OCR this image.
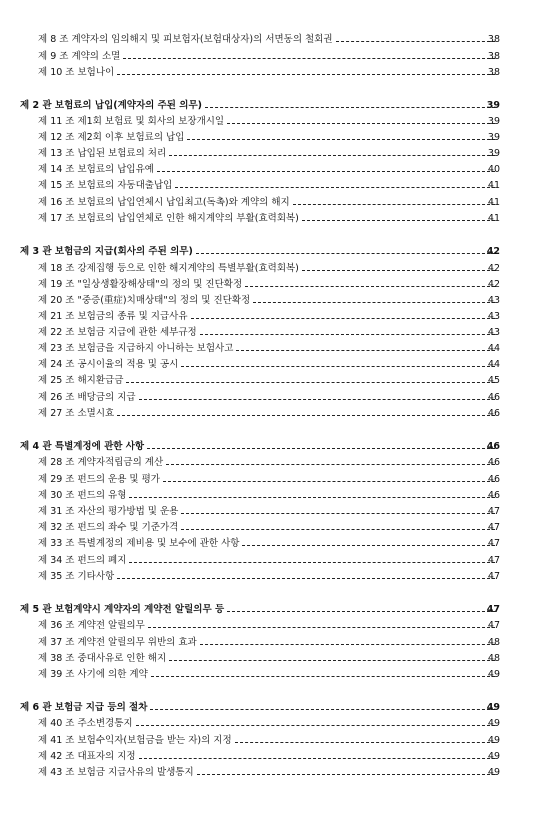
제 8 조 계약자의 임의해지 및 피보험자(보험대상자)의 서면동의 철회권	38
제 9 조 계약의 소멸	38
제 10 조 보험나이	38
제 2 관 보험료의 납입(계약자의 주된 의무)	39
제 11 조 제1회 보험료 및 회사의 보장개시일	39
제 12 조 제2회 이후 보험료의 납입	39
제 13 조 납입된 보험료의 처리	39
제 14 조 보험료의 납입유예	40
제 15 조 보험료의 자동대출납입	41
제 16 조 보험료의 납입연체시 납입최고(독촉)와 계약의 해지	41
제 17 조 보험료의 납입연체로 인한 해지계약의 부활(효력회복)	41
제 3 관 보험금의 지급(회사의 주된 의무)	42
제 18 조 강제집행 등으로 인한 해지계약의 특별부활(효력회복)	42
제 19 조 "일상생활장해상태"의 정의 및 진단확정	42
제 20 조 "중증(重症)치매상태"의 정의 및 진단확정	43
제 21 조 보험금의 종류 및 지급사유	43
제 22 조 보험금 지급에 관한 세부규정	43
제 23 조 보험금을 지급하지 아니하는 보험사고	44
제 24 조 공시이율의 적용 및 공시	44
제 25 조 해지환급금	45
제 26 조 배당금의 지급	46
제 27 조 소멸시효	46
제 4 관 특별계정에 관한 사항	46
제 28 조 계약자적립금의 계산	46
제 29 조 펀드의 운용 및 평가	46
제 30 조 펀드의 유형	46
제 31 조 자산의 평가방법 및 운용	47
제 32 조 펀드의 좌수 및 기준가격	47
제 33 조 특별계정의 제비용 및 보수에 관한 사항	47
제 34 조 펀드의 폐지	47
제 35 조 기타사항	47
제 5 관 보험계약시 계약자의 계약전 알릴의무 등	47
제 36 조 계약전 알릴의무	47
제 37 조 계약전 알릴의무 위반의 효과	48
제 38 조 중대사유로 인한 해지	48
제 39 조 사기에 의한 계약	49
제 6 관 보험금 지급 등의 절차	49
제 40 조 주소변경통지	49
제 41 조 보험수익자(보험금을 받는 자)의 지정	49
제 42 조 대표자의 지정	49
제 43 조 보험금 지급사유의 발생통지	49
